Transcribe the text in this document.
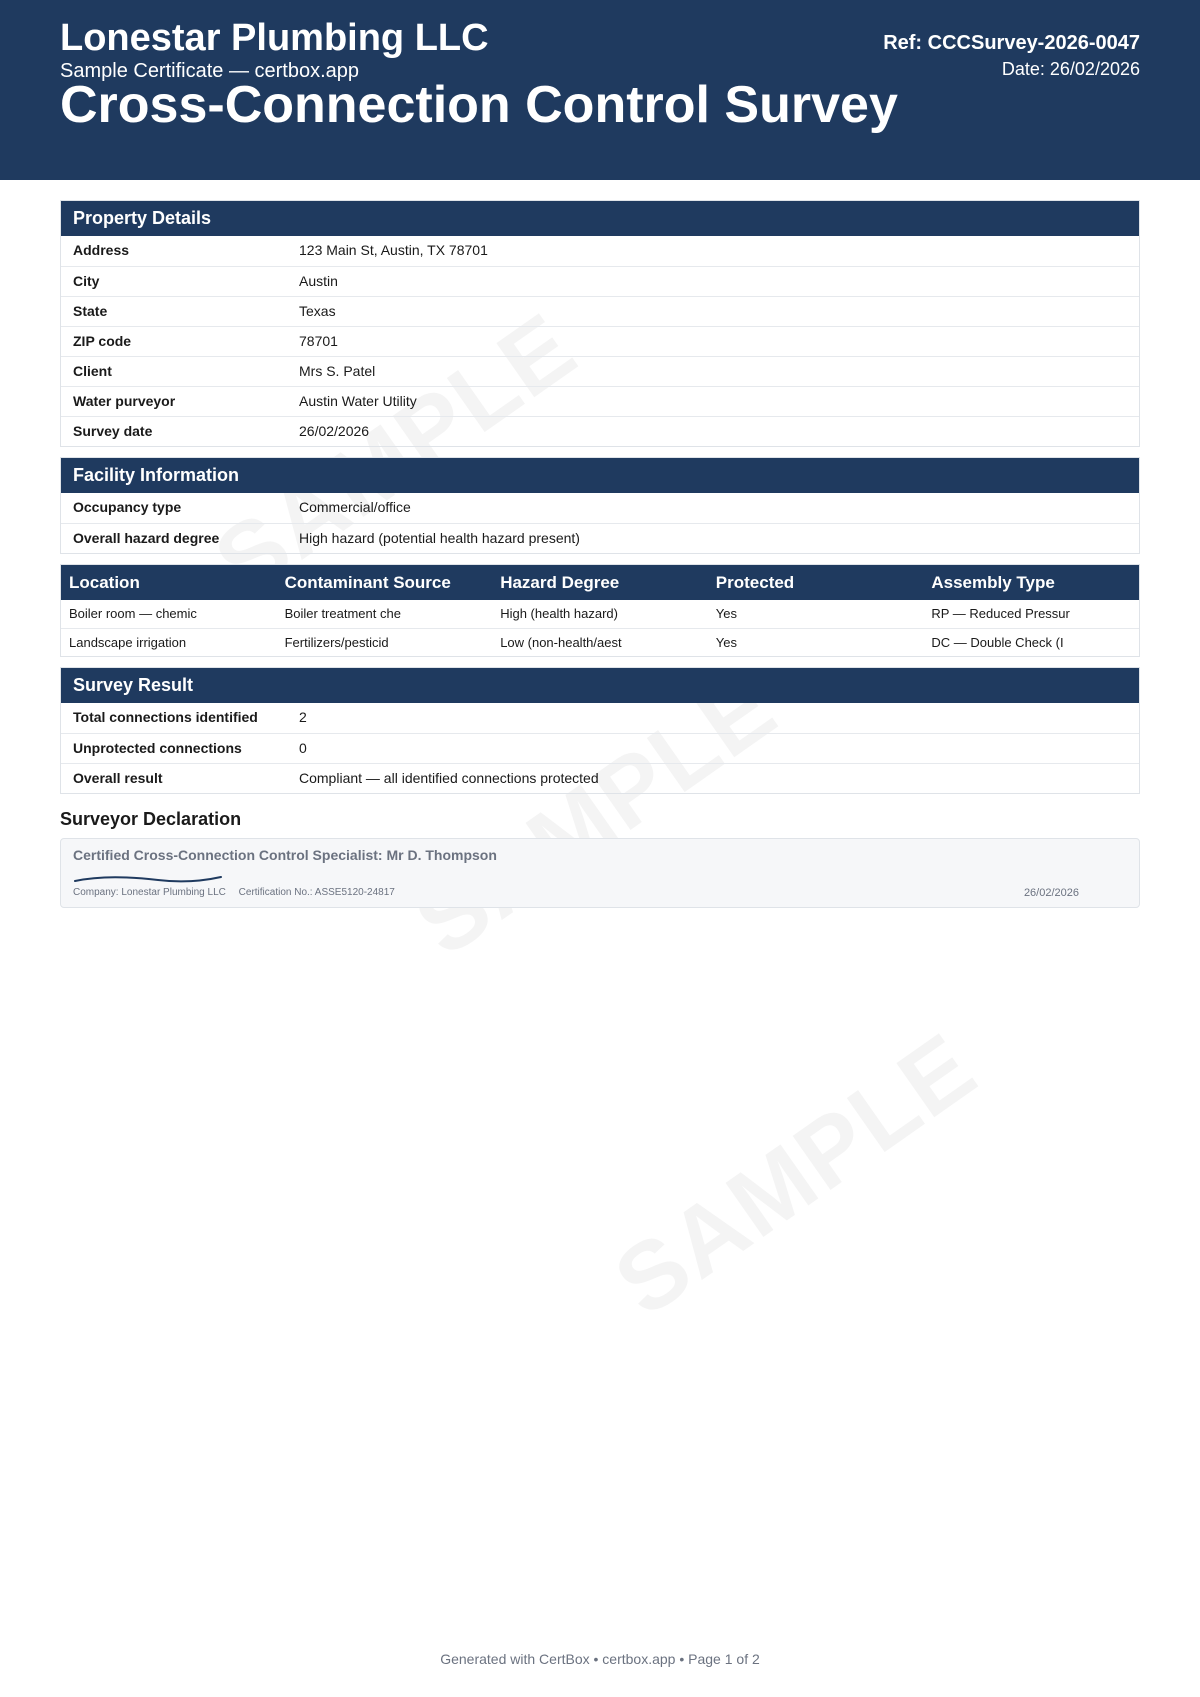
Lonestar Plumbing LLC
Sample Certificate — certbox.app
Cross-Connection Control Survey
Ref: CCCSurvey-2026-0047
Date: 26/02/2026
Property Details
Address	123 Main St, Austin, TX 78701
City	Austin
State	Texas
ZIP code	78701
Client	Mrs S. Patel
Water purveyor	Austin Water Utility
Survey date	26/02/2026
Facility Information
Occupancy type	Commercial/office
Overall hazard degree	High hazard (potential health hazard present)
Location	Contaminant Source	Hazard Degree	Protected	Assembly Type
Boiler room — chemic	Boiler treatment che	High (health hazard)	Yes	RP — Reduced Pressur
Landscape irrigation	Fertilizers/pesticid	Low (non-health/aest	Yes	DC — Double Check (I
Survey Result
Total connections identified	2
Unprotected connections	0
Overall result	Compliant — all identified connections protected
Surveyor Declaration
Certified Cross-Connection Control Specialist: Mr D. Thompson
Company: Lonestar Plumbing LLC Certification No.: ASSE5120-24817	26/02/2026
Generated with CertBox • certbox.app • Page 1 of 2
